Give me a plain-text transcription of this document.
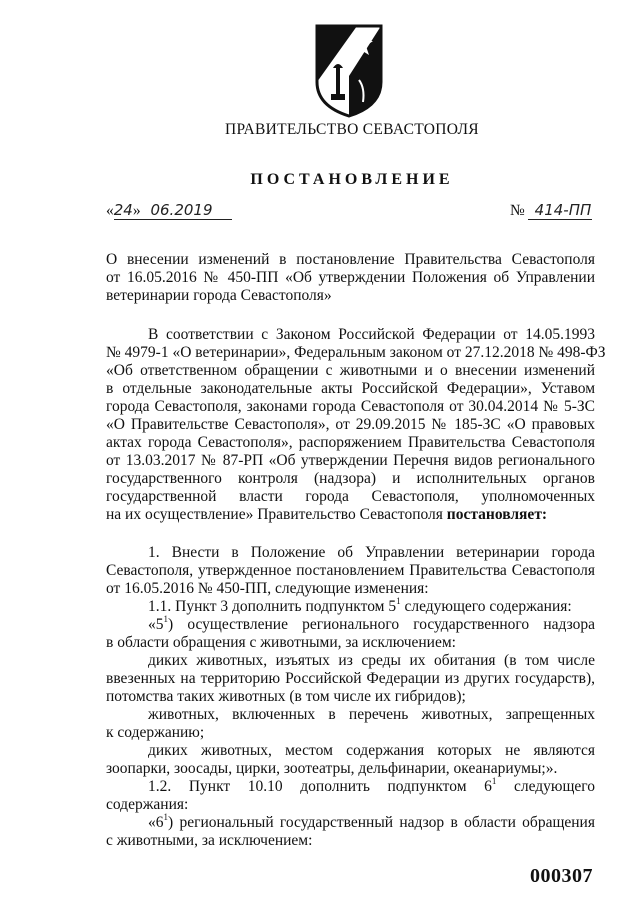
ПРАВИТЕЛЬСТВО СЕВАСТОПОЛЯ
ПОСТАНОВЛЕНИЕ
«24» 06.2019	№ 414-ПП
О внесении изменений в постановление Правительства Севастополя
от 16.05.2016 № 450-ПП «Об утверждении Положения об Управлении
ветеринарии города Севастополя»
В соответствии с Законом Российской Федерации от 14.05.1993
№ 4979-1 «О ветеринарии», Федеральным законом от 27.12.2018 № 498-ФЗ
«Об ответственном обращении с животными и о внесении изменений
в отдельные законодательные акты Российской Федерации», Уставом
города Севастополя, законами города Севастополя от 30.04.2014 № 5-ЗС
«О Правительстве Севастополя», от 29.09.2015 № 185-ЗС «О правовых
актах города Севастополя», распоряжением Правительства Севастополя
от 13.03.2017 № 87-РП «Об утверждении Перечня видов регионального
государственного контроля (надзора) и исполнительных органов
государственной власти города Севастополя, уполномоченных
на их осуществление» Правительство Севастополя постановляет:
1. Внести в Положение об Управлении ветеринарии города
Севастополя, утвержденное постановлением Правительства Севастополя
от 16.05.2016 № 450-ПП, следующие изменения:
1.1. Пункт 3 дополнить подпунктом $5^1$ следующего содержания:
«$5^1$) осуществление регионального государственного надзора
в области обращения с животными, за исключением:
диких животных, изъятых из среды их обитания (в том числе
ввезенных на территорию Российской Федерации из других государств),
потомства таких животных (в том числе их гибридов);
животных, включенных в перечень животных, запрещенных
к содержанию;
диких животных, местом содержания которых не являются
зоопарки, зоосады, цирки, зоотеатры, дельфинарии, океанариумы;».
1.2. Пункт 10.10 дополнить подпунктом $6^1$ следующего
содержания:
«$6^1$) региональный государственный надзор в области обращения
с животными, за исключением:
000307
